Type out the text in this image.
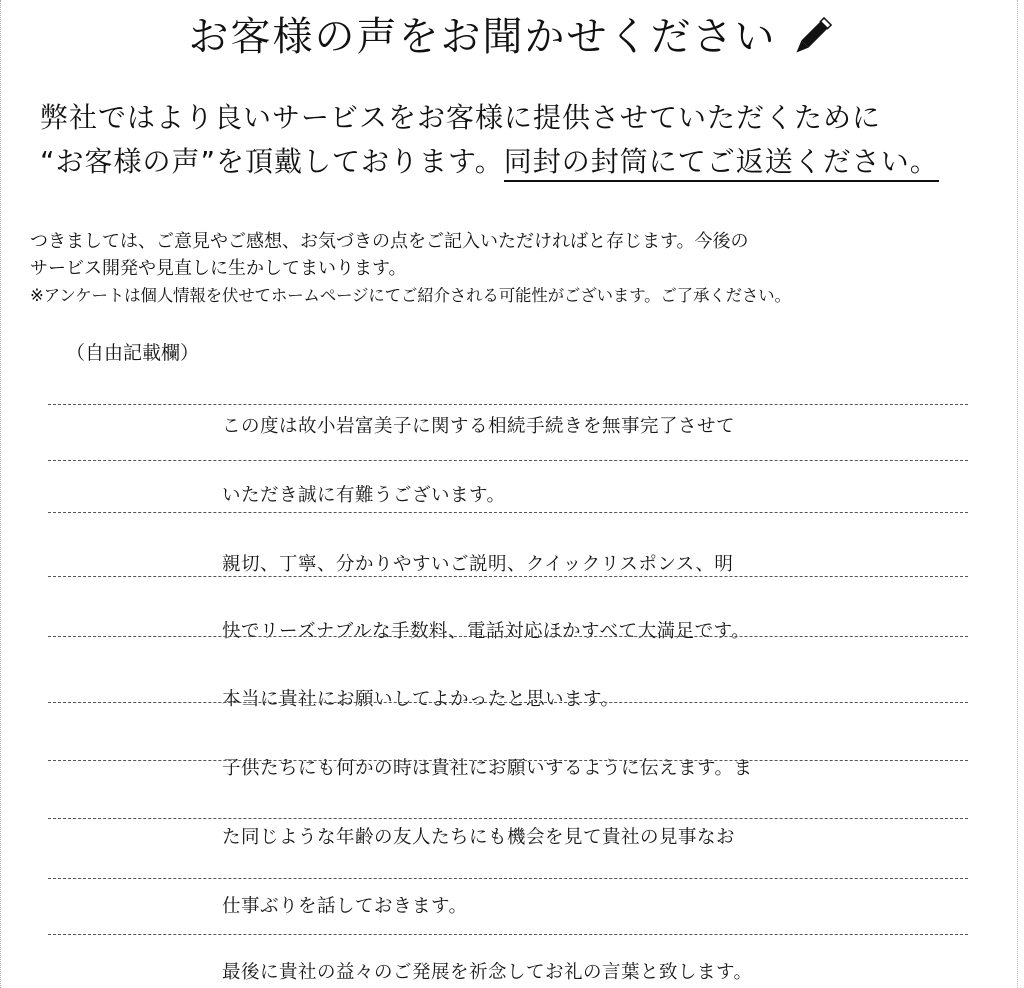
お客様の声をお聞かせください
弊社ではより良いサービスをお客様に提供させていただくために
“お客様の声”を頂戴しております。同封の封筒にてご返送ください。
つきましては、ご意見やご感想、お気づきの点をご記入いただければと存じます。今後の
サービス開発や見直しに生かしてまいります。
※アンケートは個人情報を伏せてホームページにてご紹介される可能性がございます。ご了承ください。
（自由記載欄）
この度は故小岩富美子に関する相続手続きを無事完了させて
いただき誠に有難うございます。
親切、丁寧、分かりやすいご説明、クイックリスポンス、明
快でリーズナブルな手数料、電話対応ほかすべて大満足です。
本当に貴社にお願いしてよかったと思います。
子供たちにも何かの時は貴社にお願いするように伝えます。ま
た同じような年齢の友人たちにも機会を見て貴社の見事なお
仕事ぶりを話しておきます。
最後に貴社の益々のご発展を祈念してお礼の言葉と致します。
